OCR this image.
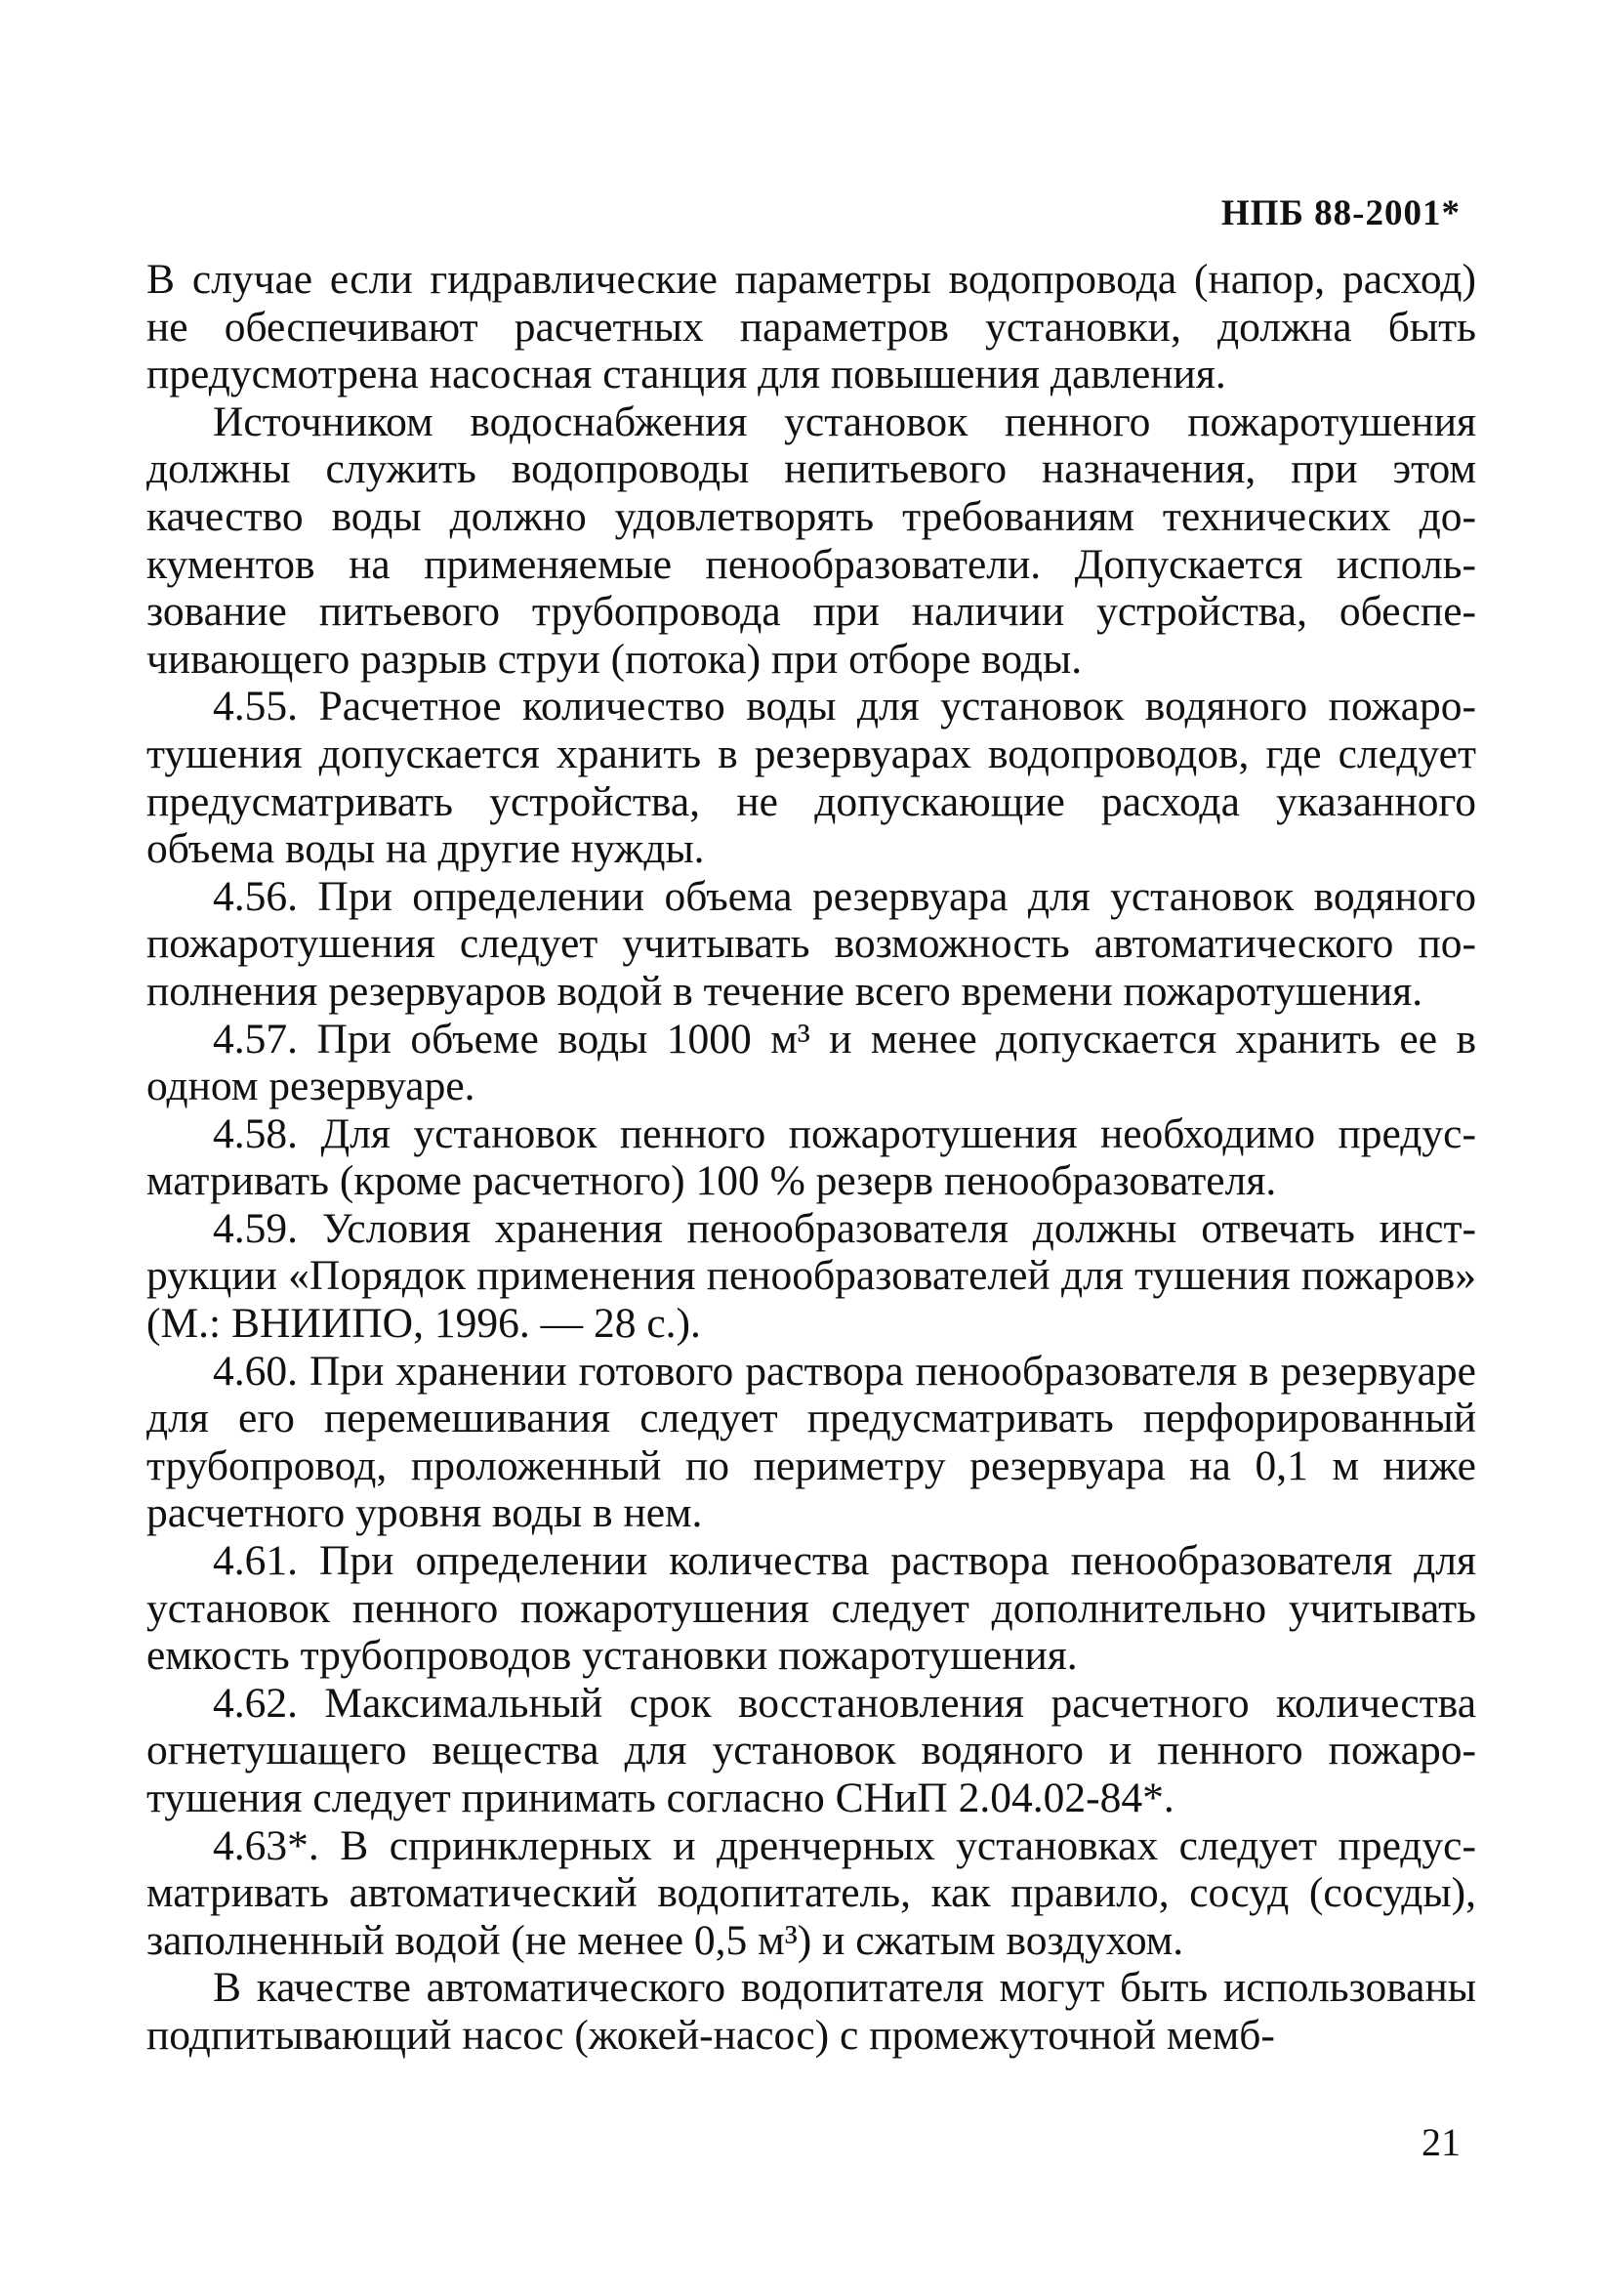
НПБ 88-2001*

В случае если гидравлические параметры водопровода (напор, расход) не обеспечивают расчетных параметров установки, должна быть предусмотрена насосная станция для повышения давления.

Источником водоснабжения установок пенного пожаротушения должны служить водопроводы непитьевого назначения, при этом качество воды должно удовлетворять требованиям технических документов на применяемые пенообразователи. Допускается использование питьевого трубопровода при наличии устройства, обеспечивающего разрыв струи (потока) при отборе воды.

4.55. Расчетное количество воды для установок водяного пожаротушения допускается хранить в резервуарах водопроводов, где следует предусматривать устройства, не допускающие расхода указанного объема воды на другие нужды.

4.56. При определении объема резервуара для установок водяного пожаротушения следует учитывать возможность автоматического пополнения резервуаров водой в течение всего времени пожаротушения.

4.57. При объеме воды 1000 м³ и менее допускается хранить ее в одном резервуаре.

4.58. Для установок пенного пожаротушения необходимо предусматривать (кроме расчетного) 100 % резерв пенообразователя.

4.59. Условия хранения пенообразователя должны отвечать инструкции «Порядок применения пенообразователей для тушения пожаров» (М.: ВНИИПО, 1996. — 28 с.).

4.60. При хранении готового раствора пенообразователя в резервуаре для его перемешивания следует предусматривать перфорированный трубопровод, проложенный по периметру резервуара на 0,1 м ниже расчетного уровня воды в нем.

4.61. При определении количества раствора пенообразователя для установок пенного пожаротушения следует дополнительно учитывать емкость трубопроводов установки пожаротушения.

4.62. Максимальный срок восстановления расчетного количества огнетушащего вещества для установок водяного и пенного пожаротушения следует принимать согласно СНиП 2.04.02-84*.

4.63*. В спринклерных и дренчерных установках следует предусматривать автоматический водопитатель, как правило, сосуд (сосуды), заполненный водой (не менее 0,5 м³) и сжатым воздухом.

В качестве автоматического водопитателя могут быть использованы подпитывающий насос (жокей-насос) с промежуточной мемб-

21
